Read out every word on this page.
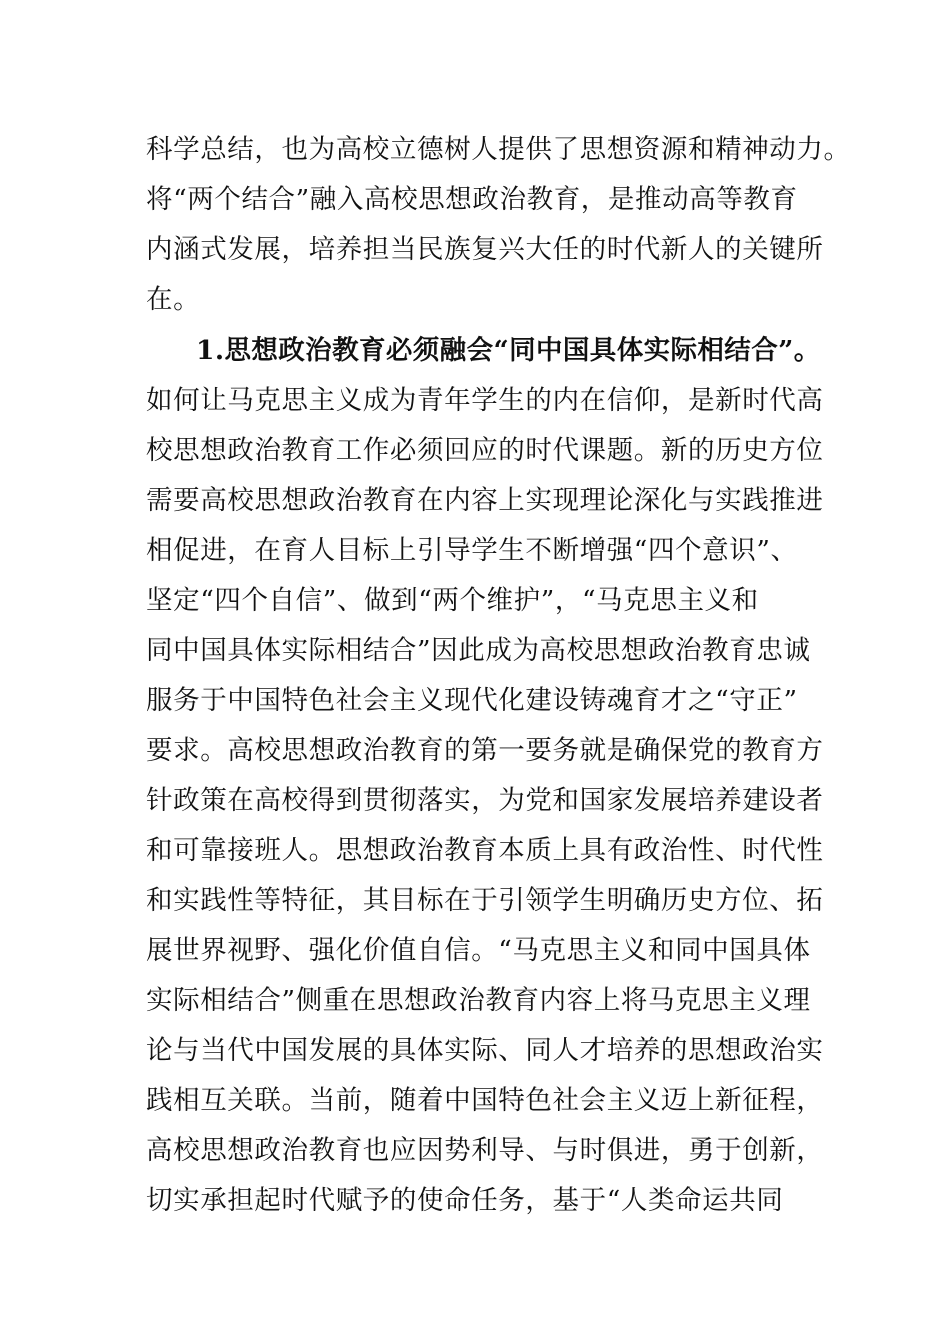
科学总结，也为高校立德树人提供了思想资源和精神动力。
将“两个结合”融入高校思想政治教育，是推动高等教育
内涵式发展，培养担当民族复兴大任的时代新人的关键所
在。
1.思想政治教育必须融会“同中国具体实际相结合”。
如何让马克思主义成为青年学生的内在信仰，是新时代高
校思想政治教育工作必须回应的时代课题。新的历史方位
需要高校思想政治教育在内容上实现理论深化与实践推进
相促进，在育人目标上引导学生不断增强“四个意识”、
坚定“四个自信”、做到“两个维护”，“马克思主义和
同中国具体实际相结合”因此成为高校思想政治教育忠诚
服务于中国特色社会主义现代化建设铸魂育才之“守正”
要求。高校思想政治教育的第一要务就是确保党的教育方
针政策在高校得到贯彻落实，为党和国家发展培养建设者
和可靠接班人。思想政治教育本质上具有政治性、时代性
和实践性等特征，其目标在于引领学生明确历史方位、拓
展世界视野、强化价值自信。“马克思主义和同中国具体
实际相结合”侧重在思想政治教育内容上将马克思主义理
论与当代中国发展的具体实际、同人才培养的思想政治实
践相互关联。当前，随着中国特色社会主义迈上新征程，
高校思想政治教育也应因势利导、与时俱进，勇于创新，
切实承担起时代赋予的使命任务，基于“人类命运共同
